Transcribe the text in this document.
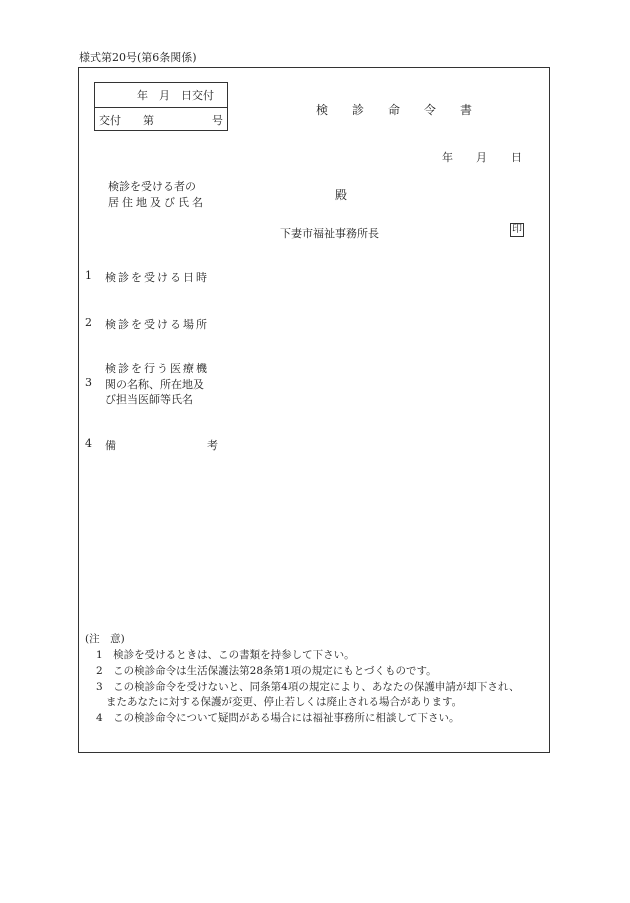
様式第20号(第6条関係)
年　月　日交付
交付 第	号
検　　診　　命　　令　　書
年 月 日
検診を受ける者の
居住地及び氏名
殿
下妻市福祉事務所長	印
1 検診を受ける日時
2 検診を受ける場所
3
検診を行う医療機
関の名称、所在地及
び担当医師等氏名
4 備	考
(注　意)
1　検診を受けるときは、この書類を持参して下さい。
2　この検診命令は生活保護法第28条第1項の規定にもとづくものです。
3　この検診命令を受けないと、同条第4項の規定により、あなたの保護申請が却下され、
またあなたに対する保護が変更、停止若しくは廃止される場合があります。
4　この検診命令について疑問がある場合には福祉事務所に相談して下さい。
